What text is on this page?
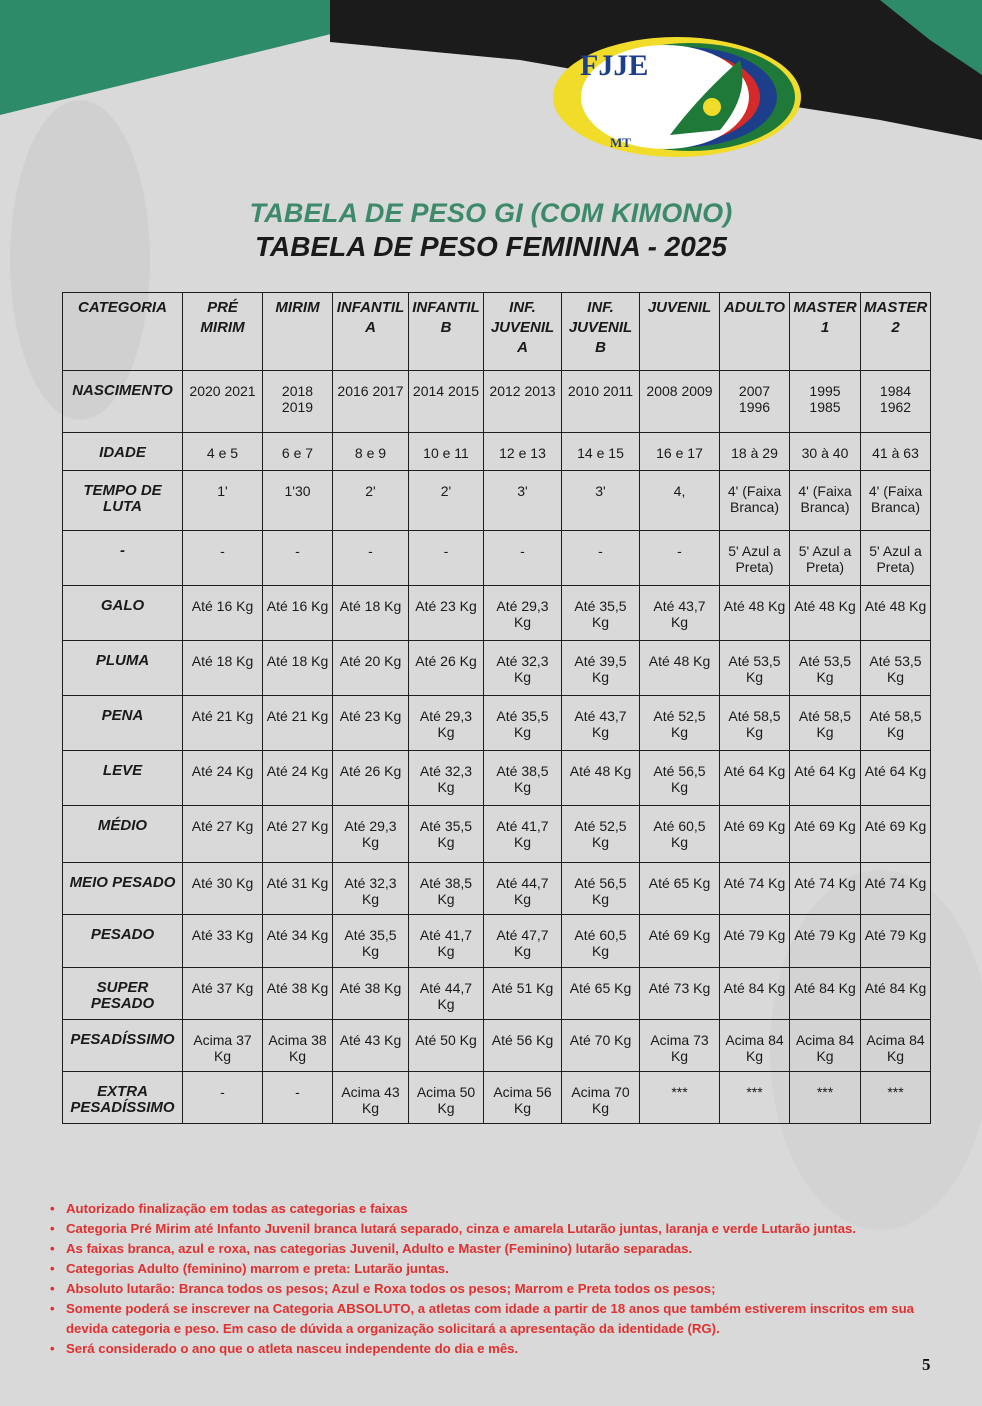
FJJE
MT
TABELA DE PESO GI (COM KIMONO)
TABELA DE PESO FEMININA - 2025
CATEGORIA	PRÉ MIRIM	MIRIM	INFANTIL A	INFANTIL B	INF. JUVENIL A	INF. JUVENIL B	JUVENIL	ADULTO	MASTER 1	MASTER 2
NASCIMENTO	2020 2021	2018 2019	2016 2017	2014 2015	2012 2013	2010 2011	2008 2009	2007 1996	1995 1985	1984 1962
IDADE	4 e 5	6 e 7	8 e 9	10 e 11	12 e 13	14 e 15	16 e 17	18 à 29	30 à 40	41 à 63
TEMPO DE LUTA	1'	1'30	2'	2'	3'	3'	4,	4' (Faixa Branca)	4' (Faixa Branca)	4' (Faixa Branca)
-	-	-	-	-	-	-	-	5' Azul a Preta)	5' Azul a Preta)	5' Azul a Preta)
GALO	Até 16 Kg	Até 16 Kg	Até 18 Kg	Até 23 Kg	Até 29,3 Kg	Até 35,5 Kg	Até 43,7 Kg	Até 48 Kg	Até 48 Kg	Até 48 Kg
PLUMA	Até 18 Kg	Até 18 Kg	Até 20 Kg	Até 26 Kg	Até 32,3 Kg	Até 39,5 Kg	Até 48 Kg	Até 53,5 Kg	Até 53,5 Kg	Até 53,5 Kg
PENA	Até 21 Kg	Até 21 Kg	Até 23 Kg	Até 29,3 Kg	Até 35,5 Kg	Até 43,7 Kg	Até 52,5 Kg	Até 58,5 Kg	Até 58,5 Kg	Até 58,5 Kg
LEVE	Até 24 Kg	Até 24 Kg	Até 26 Kg	Até 32,3 Kg	Até 38,5 Kg	Até 48 Kg	Até 56,5 Kg	Até 64 Kg	Até 64 Kg	Até 64 Kg
MÉDIO	Até 27 Kg	Até 27 Kg	Até 29,3 Kg	Até 35,5 Kg	Até 41,7 Kg	Até 52,5 Kg	Até 60,5 Kg	Até 69 Kg	Até 69 Kg	Até 69 Kg
MEIO PESADO	Até 30 Kg	Até 31 Kg	Até 32,3 Kg	Até 38,5 Kg	Até 44,7 Kg	Até 56,5 Kg	Até 65 Kg	Até 74 Kg	Até 74 Kg	Até 74 Kg
PESADO	Até 33 Kg	Até 34 Kg	Até 35,5 Kg	Até 41,7 Kg	Até 47,7 Kg	Até 60,5 Kg	Até 69 Kg	Até 79 Kg	Até 79 Kg	Até 79 Kg
SUPER PESADO	Até 37 Kg	Até 38 Kg	Até 38 Kg	Até 44,7 Kg	Até 51 Kg	Até 65 Kg	Até 73 Kg	Até 84 Kg	Até 84 Kg	Até 84 Kg
PESADÍSSIMO	Acima 37 Kg	Acima 38 Kg	Até 43 Kg	Até 50 Kg	Até 56 Kg	Até 70 Kg	Acima 73 Kg	Acima 84 Kg	Acima 84 Kg	Acima 84 Kg
EXTRA PESADÍSSIMO	-	-	Acima 43 Kg	Acima 50 Kg	Acima 56 Kg	Acima 70 Kg	***	***	***	***
• Autorizado finalização em todas as categorias e faixas
• Categoria Pré Mirim até Infanto Juvenil branca lutará separado, cinza e amarela Lutarão juntas, laranja e verde Lutarão juntas.
• As faixas branca, azul e roxa, nas categorias Juvenil, Adulto e Master (Feminino) lutarão separadas.
• Categorias Adulto (feminino) marrom e preta: Lutarão juntas.
• Absoluto lutarão: Branca todos os pesos; Azul e Roxa todos os pesos; Marrom e Preta todos os pesos;
• Somente poderá se inscrever na Categoria ABSOLUTO, a atletas com idade a partir de 18 anos que também estiverem inscritos em sua devida categoria e peso. Em caso de dúvida a organização solicitará a apresentação da identidade (RG).
• Será considerado o ano que o atleta nasceu independente do dia e mês.
5
